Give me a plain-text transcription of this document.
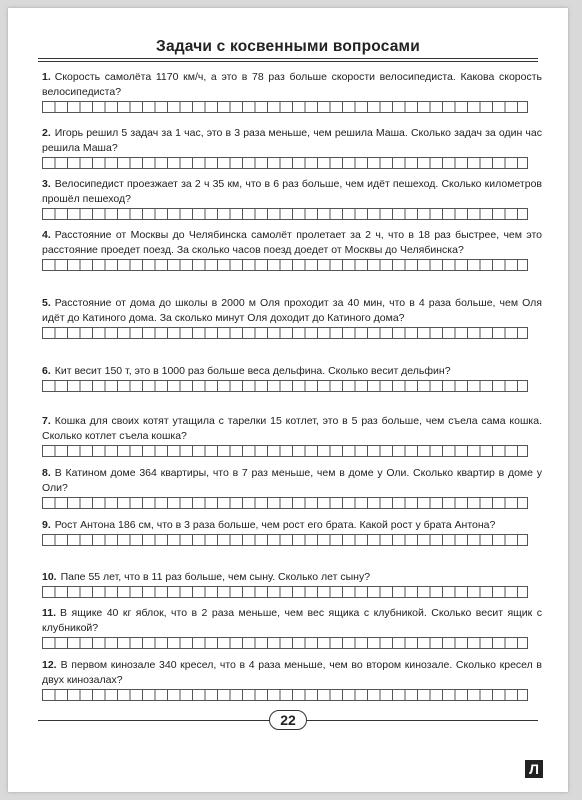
Задачи с косвенными вопросами
1. Скорость самолёта 1170 км/ч, а это в 78 раз больше скорости велосипедиста. Какова скорость велосипедиста?
2. Игорь решил 5 задач за 1 час, это в 3 раза меньше, чем решила Маша. Сколько задач за один час решила Маша?
3. Велосипедист проезжает за 2 ч 35 км, что в 6 раз больше, чем идёт пешеход. Сколько километров прошёл пешеход?
4. Расстояние от Москвы до Челябинска самолёт пролетает за 2 ч, что в 18 раз быстрее, чем это расстояние проедет поезд. За сколько часов поезд доедет от Москвы до Челябинска?
5. Расстояние от дома до школы в 2000 м Оля проходит за 40 мин, что в 4 раза больше, чем Оля идёт до Катиного дома. За сколько минут Оля доходит до Катиного дома?
6. Кит весит 150 т, это в 1000 раз больше веса дельфина. Сколько весит дельфин?
7. Кошка для своих котят утащила с тарелки 15 котлет, это в 5 раз больше, чем съела сама кошка. Сколько котлет съела кошка?
8. В Катином доме 364 квартиры, что в 7 раз меньше, чем в доме у Оли. Сколько квартир в доме у Оли?
9. Рост Антона 186 см, что в 3 раза больше, чем рост его брата. Какой рост у брата Антона?
10. Папе 55 лет, что в 11 раз больше, чем сыну. Сколько лет сыну?
11. В ящике 40 кг яблок, что в 2 раза меньше, чем вес ящика с клубникой. Сколько весит ящик с клубникой?
12. В первом кинозале 340 кресел, что в 4 раза меньше, чем во втором кинозале. Сколько кресел в двух кинозалах?
22
Л
